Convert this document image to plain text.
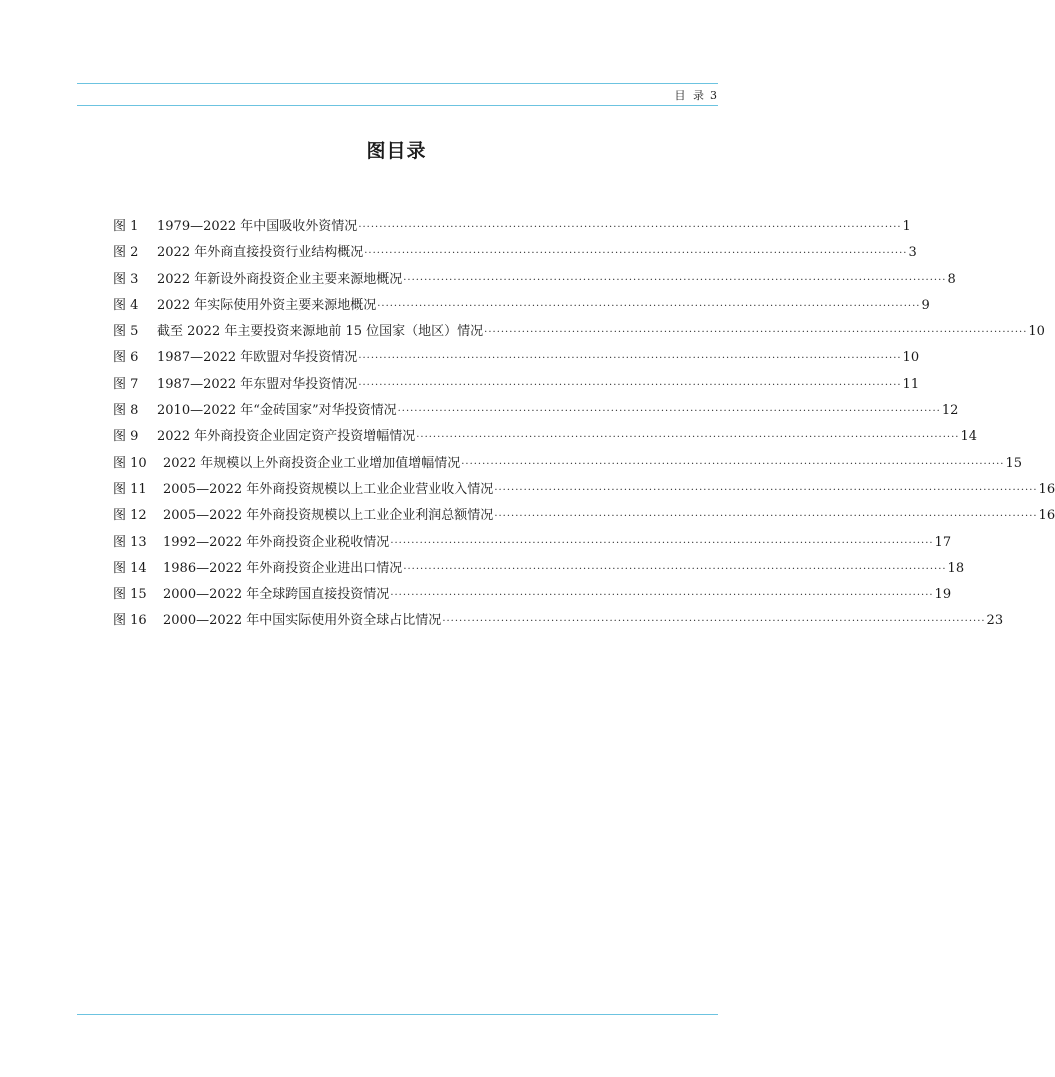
目 录 3
图目录
图 1	1979—2022 年中国吸收外资情况 ·····	1
图 2	2022 年外商直接投资行业结构概况 ·····	3
图 3	2022 年新设外商投资企业主要来源地概况 ·····	8
图 4	2022 年实际使用外资主要来源地概况 ·····	9
图 5	截至 2022 年主要投资来源地前 15 位国家（地区）情况 ·····	10
图 6	1987—2022 年欧盟对华投资情况 ·····	10
图 7	1987—2022 年东盟对华投资情况 ·····	11
图 8	2010—2022 年“金砖国家”对华投资情况 ·····	12
图 9	2022 年外商投资企业固定资产投资增幅情况 ·····	14
图 10	2022 年规模以上外商投资企业工业增加值增幅情况 ·····	15
图 11	2005—2022 年外商投资规模以上工业企业营业收入情况 ·····	16
图 12	2005—2022 年外商投资规模以上工业企业利润总额情况 ·····	16
图 13	1992—2022 年外商投资企业税收情况 ·····	17
图 14	1986—2022 年外商投资企业进出口情况 ·····	18
图 15	2000—2022 年全球跨国直接投资情况 ·····	19
图 16	2000—2022 年中国实际使用外资全球占比情况 ·····	23
